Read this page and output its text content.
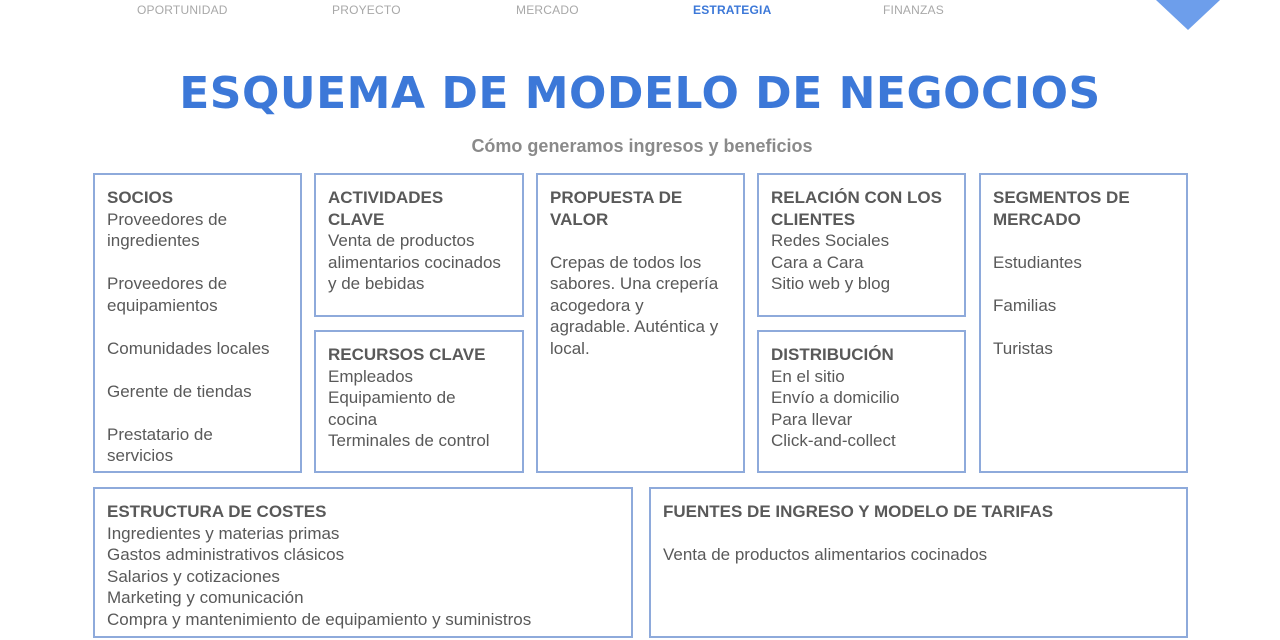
OPORTUNIDAD	PROYECTO	MERCADO	ESTRATEGIA	FINANZAS
ESQUEMA DE MODELO DE NEGOCIOS
Cómo generamos ingresos y beneficios
SOCIOS
Proveedores de
ingredientes
Proveedores de
equipamientos
Comunidades locales
Gerente de tiendas
Prestatario de
servicios
ACTIVIDADES
CLAVE
Venta de productos
alimentarios cocinados
y de bebidas
RECURSOS CLAVE
Empleados
Equipamiento de
cocina
Terminales de control
PROPUESTA DE
VALOR
Crepas de todos los
sabores. Una crepería
acogedora y
agradable. Auténtica y
local.
RELACIÓN CON LOS
CLIENTES
Redes Sociales
Cara a Cara
Sitio web y blog
DISTRIBUCIÓN
En el sitio
Envío a domicilio
Para llevar
Click-and-collect
SEGMENTOS DE
MERCADO
Estudiantes
Familias
Turistas
ESTRUCTURA DE COSTES
Ingredientes y materias primas
Gastos administrativos clásicos
Salarios y cotizaciones
Marketing y comunicación
Compra y mantenimiento de equipamiento y suministros
FUENTES DE INGRESO Y MODELO DE TARIFAS
Venta de productos alimentarios cocinados
